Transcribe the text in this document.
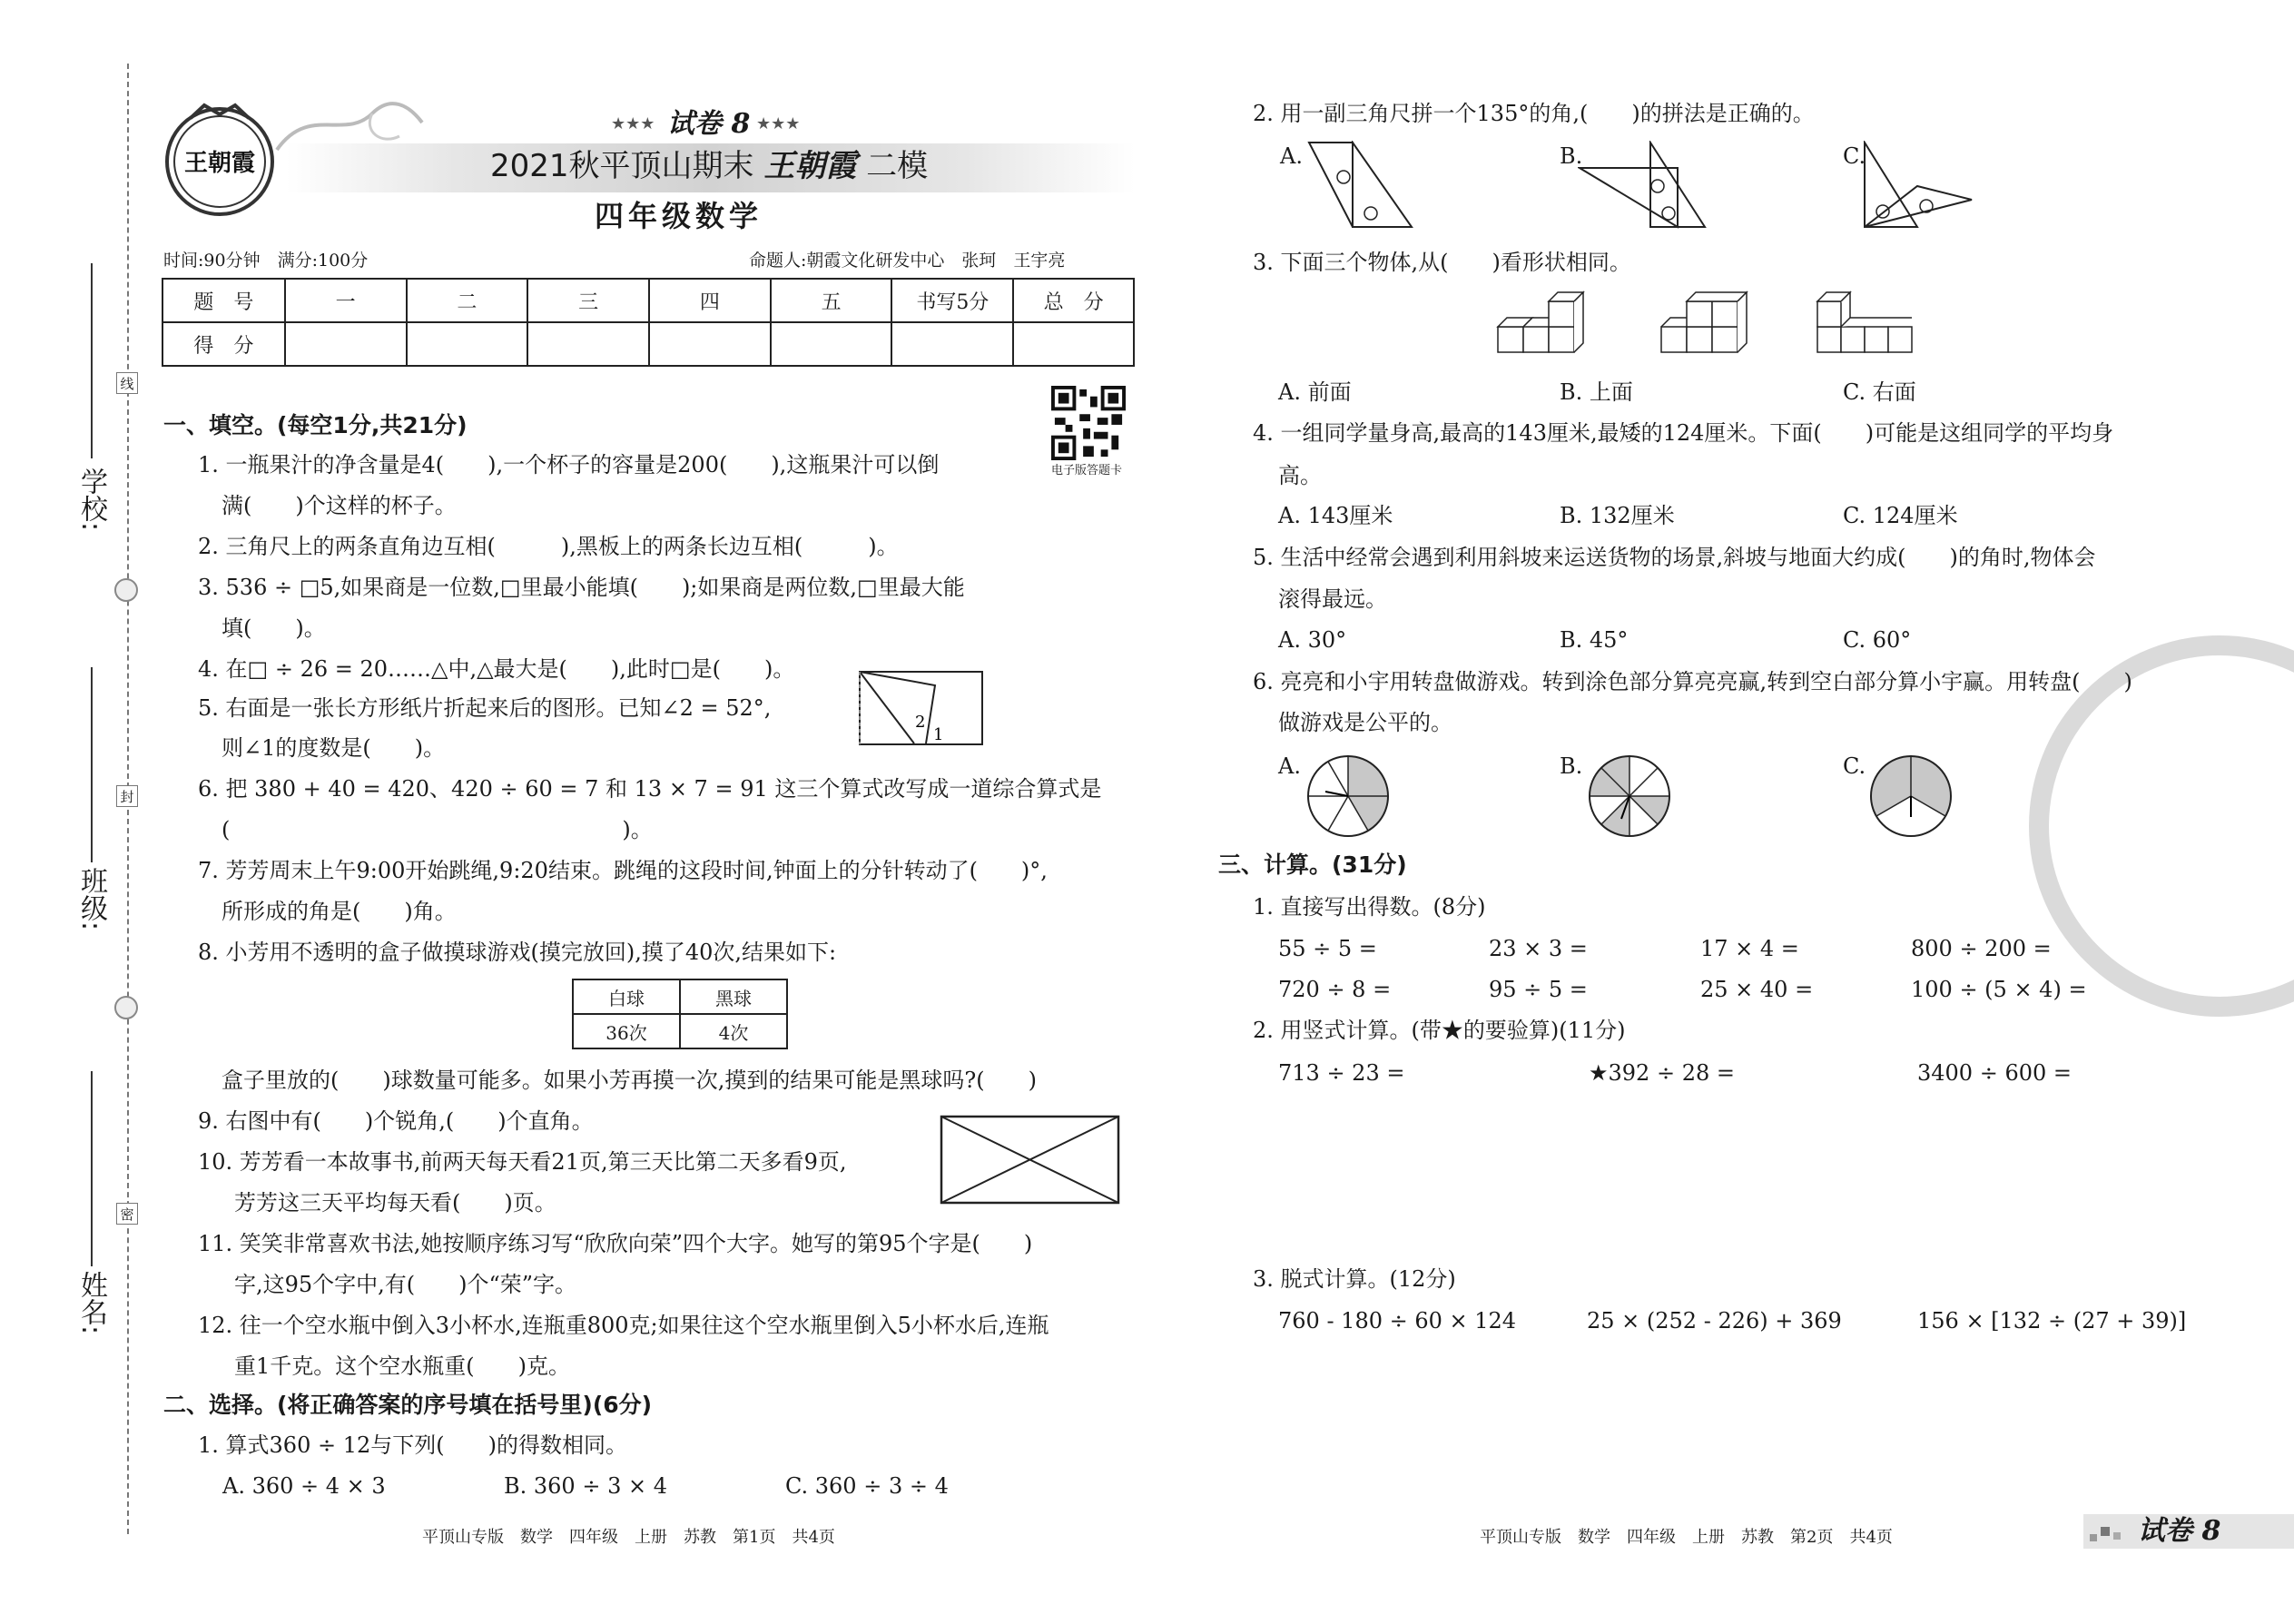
线
封
密
学校:
班级:
姓名:
王朝霞
★★★ 试卷 8 ★★★
2021秋平顶山期末 王朝霞 二模
四年级数学
时间:90分钟　满分:100分	命题人:朝霞文化研发中心　张珂　王宇亮
题　号	一	二	三	四	五	书写5分	总　分
得　分							
电子版答题卡
一、填空。(每空1分,共21分)
1. 一瓶果汁的净含量是4(　　),一个杯子的容量是200(　　),这瓶果汁可以倒
满(　　)个这样的杯子。
2. 三角尺上的两条直角边互相(　　　),黑板上的两条长边互相(　　　)。
3. 536 ÷ □5,如果商是一位数,□里最小能填(　　);如果商是两位数,□里最大能
填(　　)。
4. 在□ ÷ 26 = 20……△中,△最大是(　　),此时□是(　　)。
5. 右面是一张长方形纸片折起来后的图形。已知∠2 = 52°,
则∠1的度数是(　　)。
2
1
6. 把 380 + 40 = 420、420 ÷ 60 = 7 和 13 × 7 = 91 这三个算式改写成一道综合算式是
(　　　　　　　　　　　　　　　　　　)。
7. 芳芳周末上午9:00开始跳绳,9:20结束。跳绳的这段时间,钟面上的分针转动了(　　)°,
所形成的角是(　　)角。
8. 小芳用不透明的盒子做摸球游戏(摸完放回),摸了40次,结果如下:
白球	黑球
36次	4次
盒子里放的(　　)球数量可能多。如果小芳再摸一次,摸到的结果可能是黑球吗?(　　)
9. 右图中有(　　)个锐角,(　　)个直角。
10. 芳芳看一本故事书,前两天每天看21页,第三天比第二天多看9页,
芳芳这三天平均每天看(　　)页。
11. 笑笑非常喜欢书法,她按顺序练习写“欣欣向荣”四个大字。她写的第95个字是(　　)
字,这95个字中,有(　　)个“荣”字。
12. 往一个空水瓶中倒入3小杯水,连瓶重800克;如果往这个空水瓶里倒入5小杯水后,连瓶
重1千克。这个空水瓶重(　　)克。
二、选择。(将正确答案的序号填在括号里)(6分)
1. 算式360 ÷ 12与下列(　　)的得数相同。
A. 360 ÷ 4 × 3	B. 360 ÷ 3 × 4	C. 360 ÷ 3 ÷ 4
平顶山专版　数学　四年级　上册　苏教　第1页　共4页
2. 用一副三角尺拼一个135°的角,(　　)的拼法是正确的。
A.	B.	C.
3. 下面三个物体,从(　　)看形状相同。
A. 前面	B. 上面	C. 右面
4. 一组同学量身高,最高的143厘米,最矮的124厘米。下面(　　)可能是这组同学的平均身
高。
A. 143厘米	B. 132厘米	C. 124厘米
5. 生活中经常会遇到利用斜坡来运送货物的场景,斜坡与地面大约成(　　)的角时,物体会
滚得最远。
A. 30°	B. 45°	C. 60°
6. 亮亮和小宇用转盘做游戏。转到涂色部分算亮亮赢,转到空白部分算小宇赢。用转盘(　　)
做游戏是公平的。
A.	B.	C.
三、计算。(31分)
1. 直接写出得数。(8分)
55 ÷ 5 =	23 × 3 =	17 × 4 =	800 ÷ 200 =
720 ÷ 8 =	95 ÷ 5 =	25 × 40 =	100 ÷ (5 × 4) =
2. 用竖式计算。(带★的要验算)(11分)
713 ÷ 23 =	★392 ÷ 28 =	3400 ÷ 600 =
3. 脱式计算。(12分)
760 - 180 ÷ 60 × 124	25 × (252 - 226) + 369	156 × [132 ÷ (27 + 39)]
平顶山专版　数学　四年级　上册　苏教　第2页　共4页	试卷 8
